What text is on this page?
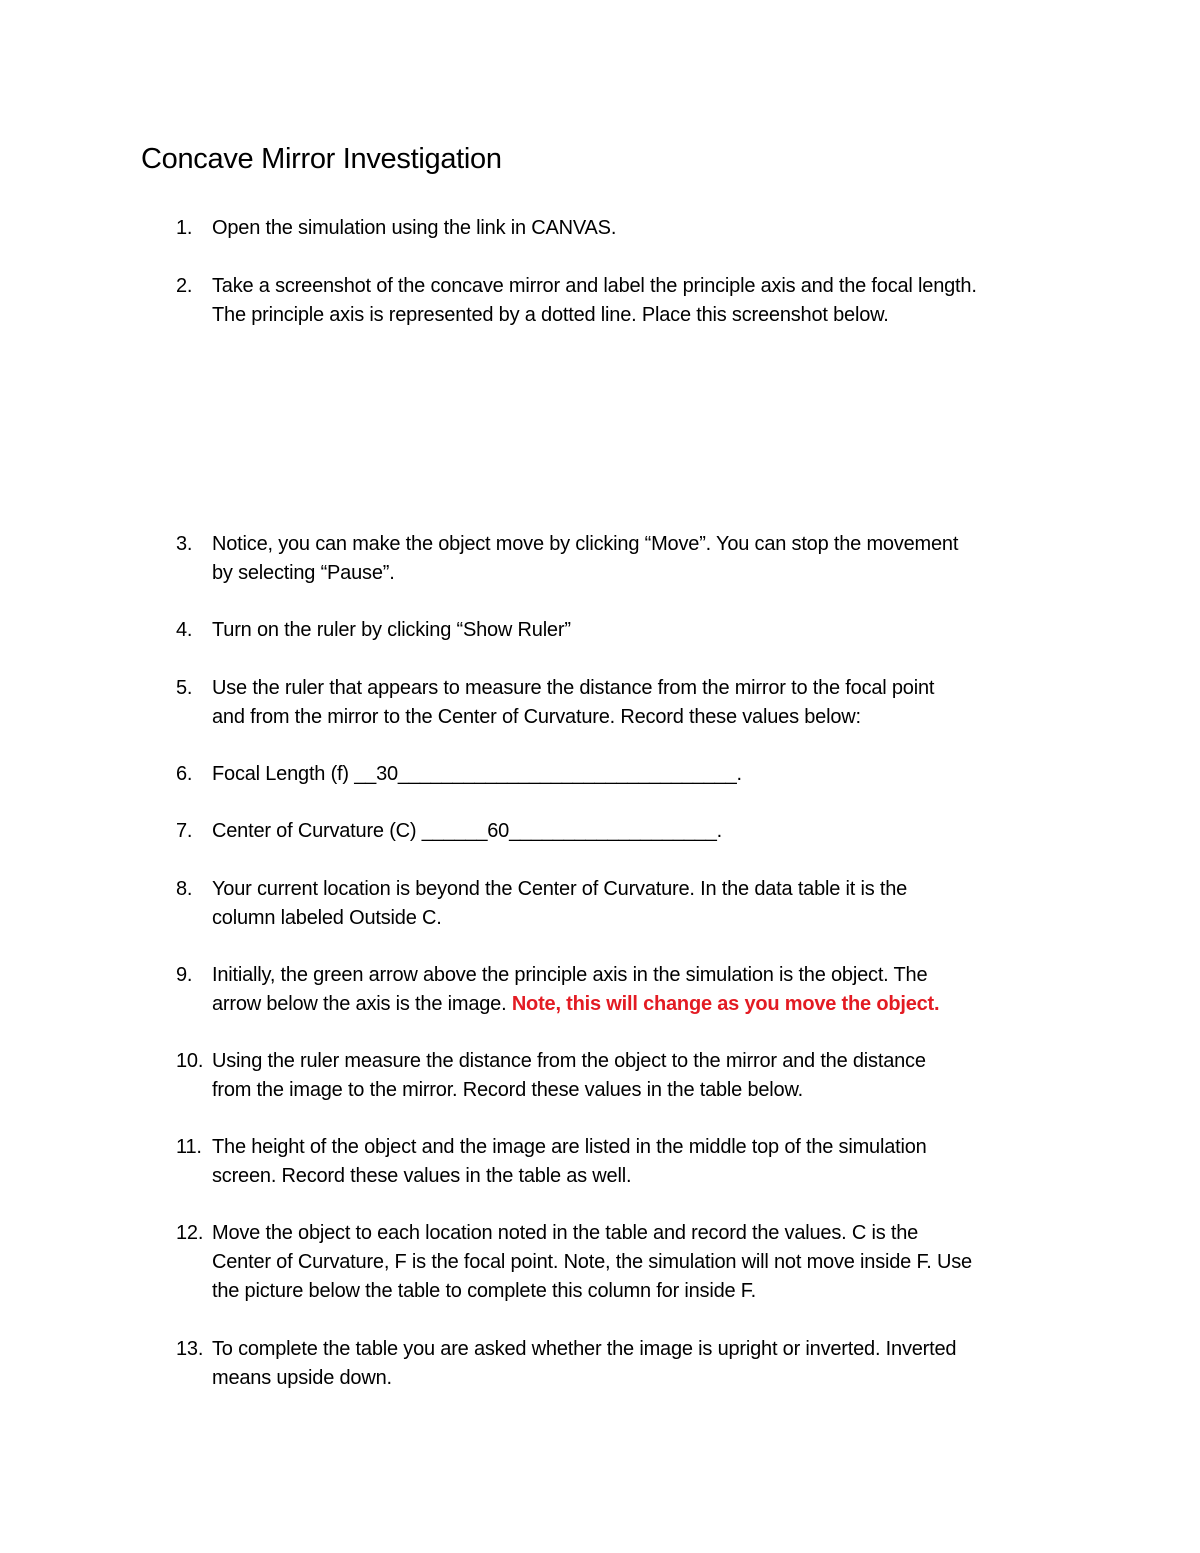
Concave Mirror Investigation
1. Open the simulation using the link in CANVAS.
2. Take a screenshot of the concave mirror and label the principle axis and the focal length.
The principle axis is represented by a dotted line. Place this screenshot below.
3. Notice, you can make the object move by clicking “Move”. You can stop the movement
by selecting “Pause”.
4. Turn on the ruler by clicking “Show Ruler”
5. Use the ruler that appears to measure the distance from the mirror to the focal point
and from the mirror to the Center of Curvature. Record these values below:
6. Focal Length (f) __30_______________________________.
7. Center of Curvature (C) ______60___________________.
8. Your current location is beyond the Center of Curvature. In the data table it is the
column labeled Outside C.
9. Initially, the green arrow above the principle axis in the simulation is the object. The
arrow below the axis is the image. Note, this will change as you move the object.
10. Using the ruler measure the distance from the object to the mirror and the distance
from the image to the mirror. Record these values in the table below.
11. The height of the object and the image are listed in the middle top of the simulation
screen. Record these values in the table as well.
12. Move the object to each location noted in the table and record the values. C is the
Center of Curvature, F is the focal point. Note, the simulation will not move inside F. Use
the picture below the table to complete this column for inside F.
13. To complete the table you are asked whether the image is upright or inverted. Inverted
means upside down.
